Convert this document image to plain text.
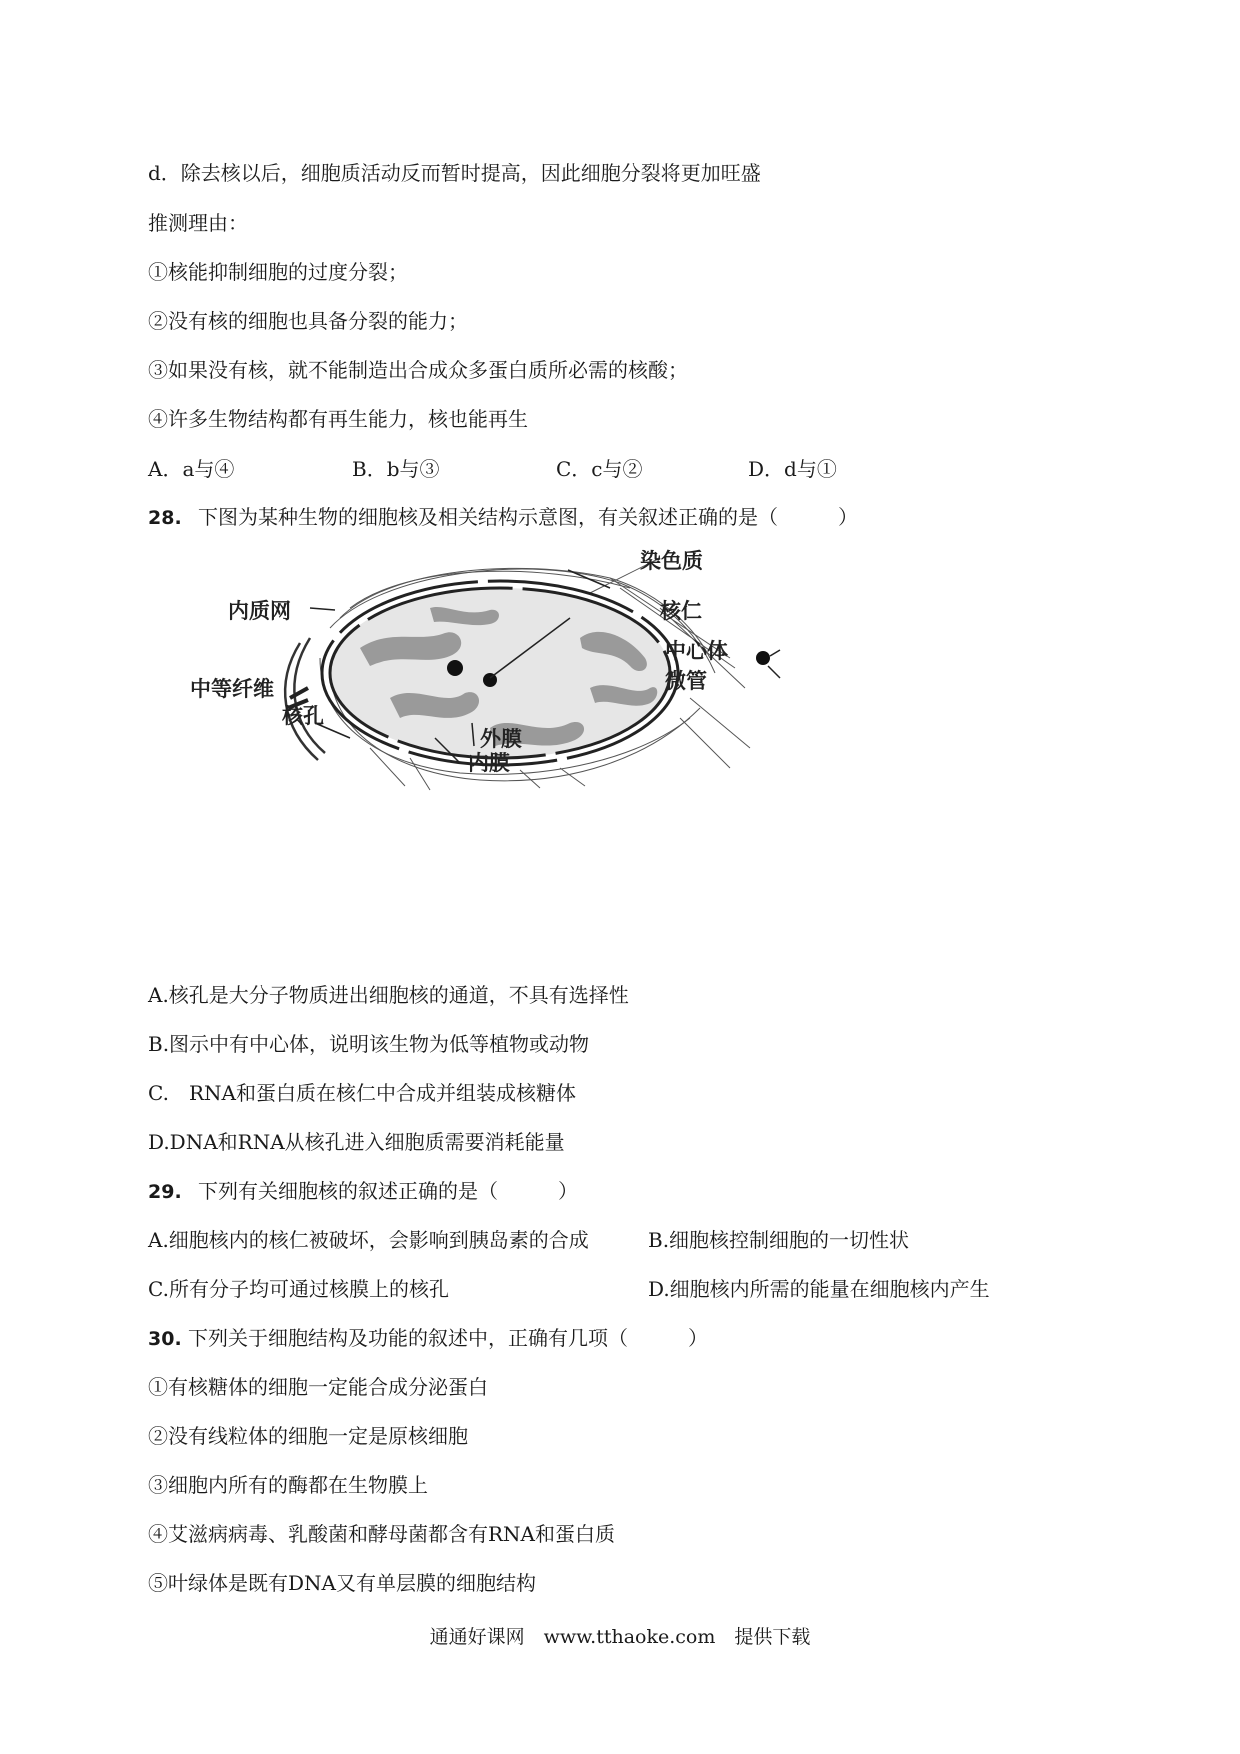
d．除去核以后，细胞质活动反而暂时提高，因此细胞分裂将更加旺盛
推测理由：
①核能抑制细胞的过度分裂；
②没有核的细胞也具备分裂的能力；
③如果没有核，就不能制造出合成众多蛋白质所必需的核酸；
④许多生物结构都有再生能力，核也能再生
A．a与④	B．b与③	C．c与②	D．d与①
28. 下图为某种生物的细胞核及相关结构示意图，有关叙述正确的是（　　　）
内质网
中等纤维
核孔
染色质
核仁
中心体
微管
外膜
内膜
A.核孔是大分子物质进出细胞核的通道，不具有选择性
B.图示中有中心体，说明该生物为低等植物或动物
C.　RNA和蛋白质在核仁中合成并组装成核糖体
D.DNA和RNA从核孔进入细胞质需要消耗能量
29. 下列有关细胞核的叙述正确的是（　　　）
A.细胞核内的核仁被破坏，会影响到胰岛素的合成	B.细胞核控制细胞的一切性状
C.所有分子均可通过核膜上的核孔	D.细胞核内所需的能量在细胞核内产生
30. 下列关于细胞结构及功能的叙述中，正确有几项（　　　）
①有核糖体的细胞一定能合成分泌蛋白
②没有线粒体的细胞一定是原核细胞
③细胞内所有的酶都在生物膜上
④艾滋病病毒、乳酸菌和酵母菌都含有RNA和蛋白质
⑤叶绿体是既有DNA又有单层膜的细胞结构
通通好课网　www.tthaoke.com　提供下载
